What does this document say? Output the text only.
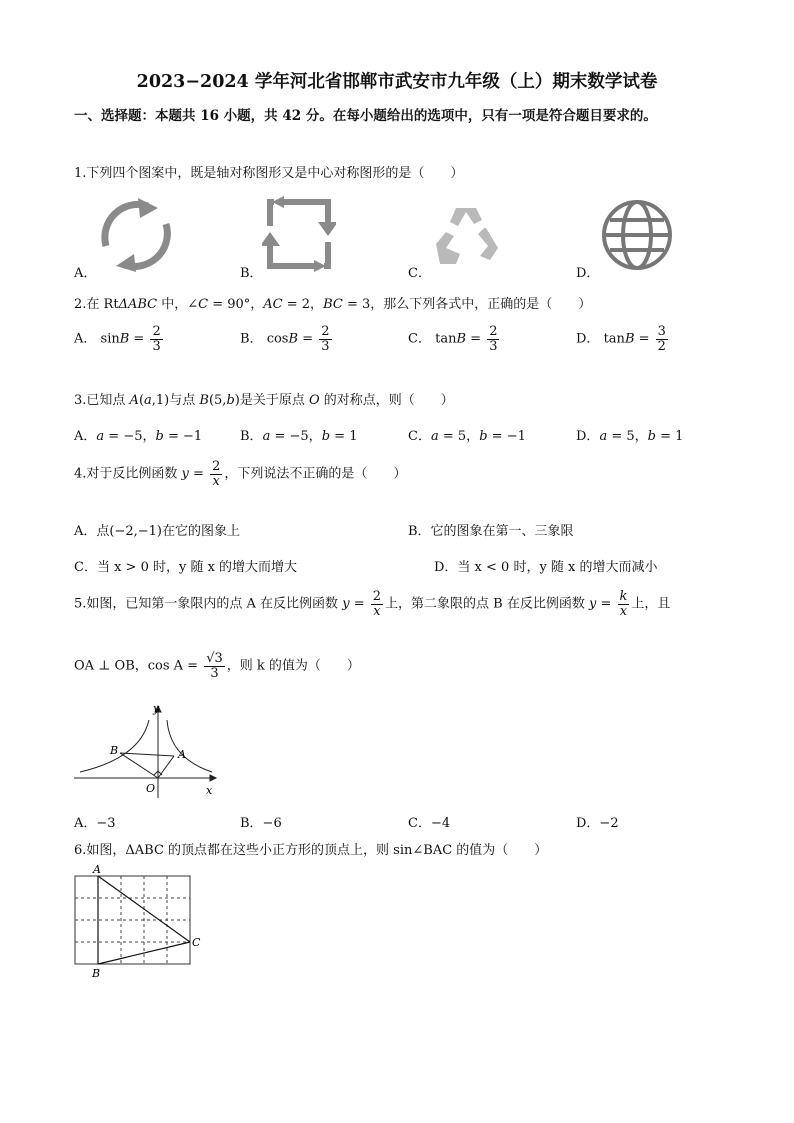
2023−2024 学年河北省邯郸市武安市九年级（上）期末数学试卷
一、选择题：本题共 16 小题，共 42 分。在每小题给出的选项中，只有一项是符合题目要求的。
1.下列四个图案中，既是轴对称图形又是中心对称图形的是（　　）
A．	B．	C．	D．
2.在 RtΔABC 中，∠C = 90°，AC = 2，BC = 3，那么下列各式中，正确的是（　　）
A． $\sin B = \frac{2}{3}$	B． $\cos B = \frac{2}{3}$	C． $\tan B = \frac{2}{3}$	D． $\tan B = \frac{3}{2}$
3.已知点 A(a,1)与点 B(5,b)是关于原点 O 的对称点，则（　　）
A．a = −5，b = −1	B．a = −5，b = 1	C．a = 5，b = −1	D．a = 5，b = 1
4.对于反比例函数 $y = \frac{2}{x}$ ，下列说法不正确的是（　　）
A．点(−2,−1)在它的图象上	B．它的图象在第一、三象限
C．当 x > 0 时，y 随 x 的增大而增大	D．当 x < 0 时，y 随 x 的增大而减小
5.如图，已知第一象限内的点 A 在反比例函数 $y = \frac{2}{x}$ 上，第二象限的点 B 在反比例函数 $y = \frac{k}{x}$ 上，且
OA ⊥ OB，$\cos A = \frac{√3}{3}$ ，则 k 的值为（　　）
y
x
O
A
B
A．−3	B．−6	C．−4	D．−2
6.如图，ΔABC 的顶点都在这些小正方形的顶点上，则 sin∠BAC 的值为（　　）
A
B
C
